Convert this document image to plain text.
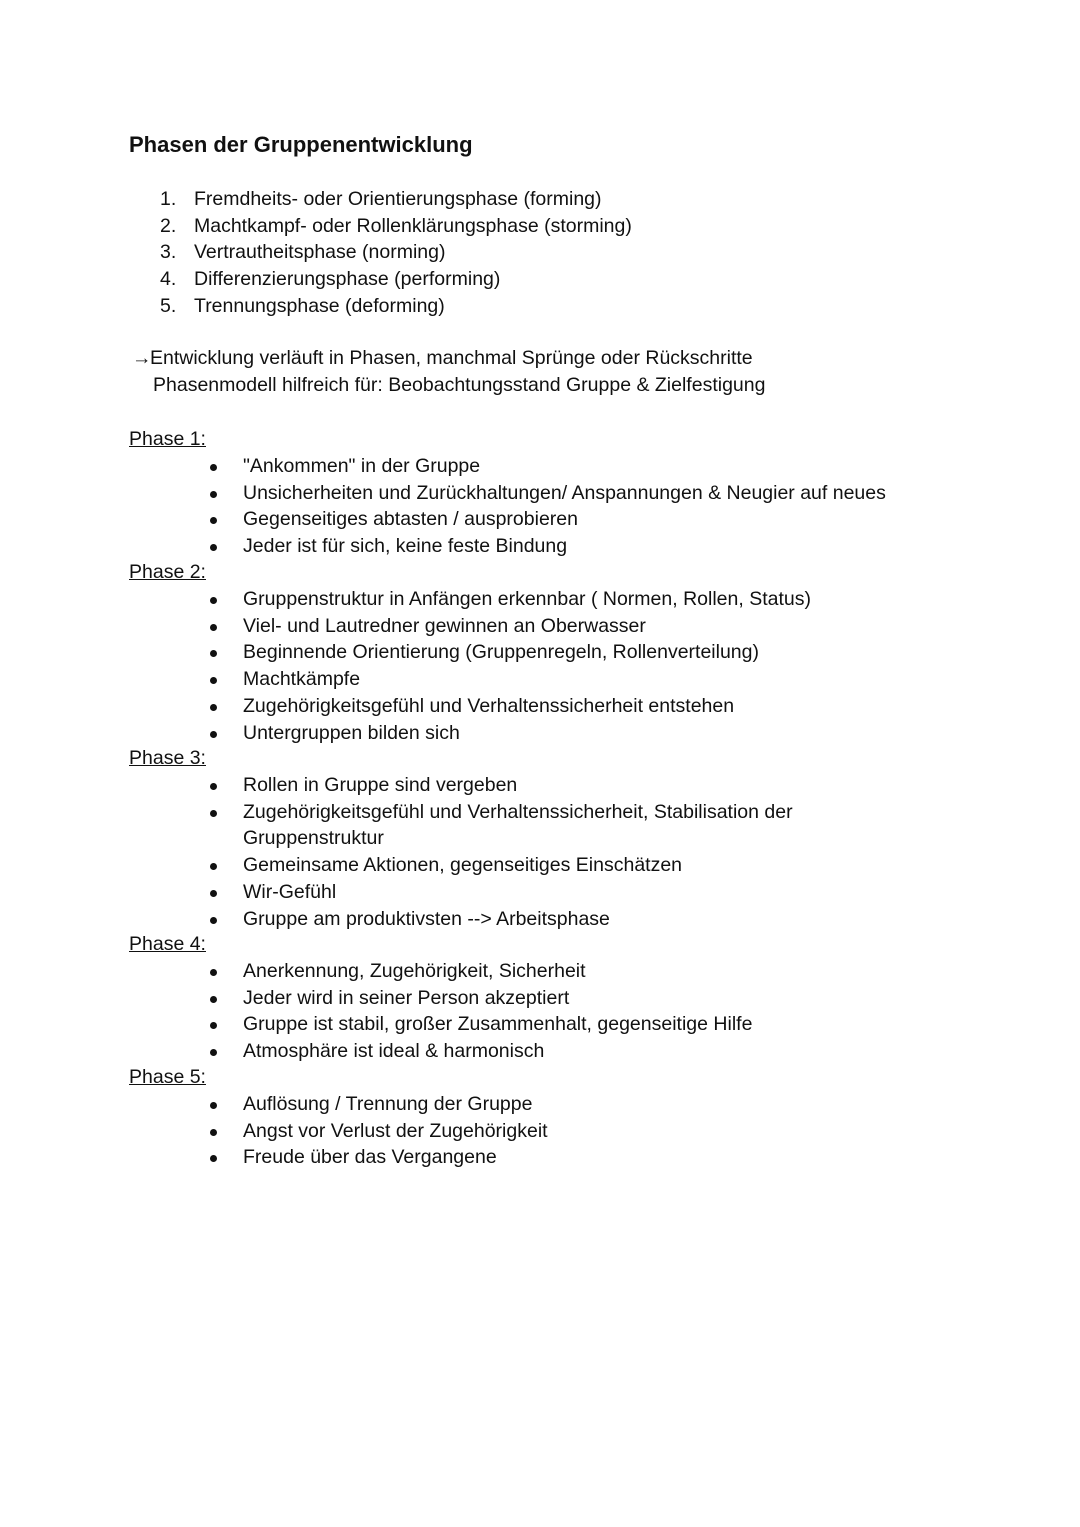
Phasen der Gruppenentwicklung
1. Fremdheits- oder Orientierungsphase (forming)
2. Machtkampf- oder Rollenklärungsphase (storming)
3. Vertrautheitsphase (norming)
4. Differenzierungsphase (performing)
5. Trennungsphase (deforming)
→Entwicklung verläuft in Phasen, manchmal Sprünge oder Rückschritte
Phasenmodell hilfreich für: Beobachtungsstand Gruppe & Zielfestigung
Phase 1:
"Ankommen" in der Gruppe
Unsicherheiten und Zurückhaltungen/ Anspannungen & Neugier auf neues
Gegenseitiges abtasten / ausprobieren
Jeder ist für sich, keine feste Bindung
Phase 2:
Gruppenstruktur in Anfängen erkennbar ( Normen, Rollen, Status)
Viel- und Lautredner gewinnen an Oberwasser
Beginnende Orientierung (Gruppenregeln, Rollenverteilung)
Machtkämpfe
Zugehörigkeitsgefühl und Verhaltenssicherheit entstehen
Untergruppen bilden sich
Phase 3:
Rollen in Gruppe sind vergeben
Zugehörigkeitsgefühl und Verhaltenssicherheit, Stabilisation der Gruppenstruktur
Gemeinsame Aktionen, gegenseitiges Einschätzen
Wir-Gefühl
Gruppe am produktivsten --> Arbeitsphase
Phase 4:
Anerkennung, Zugehörigkeit, Sicherheit
Jeder wird in seiner Person akzeptiert
Gruppe ist stabil, großer Zusammenhalt, gegenseitige Hilfe
Atmosphäre ist ideal & harmonisch
Phase 5:
Auflösung / Trennung der Gruppe
Angst vor Verlust der Zugehörigkeit
Freude über das Vergangene
